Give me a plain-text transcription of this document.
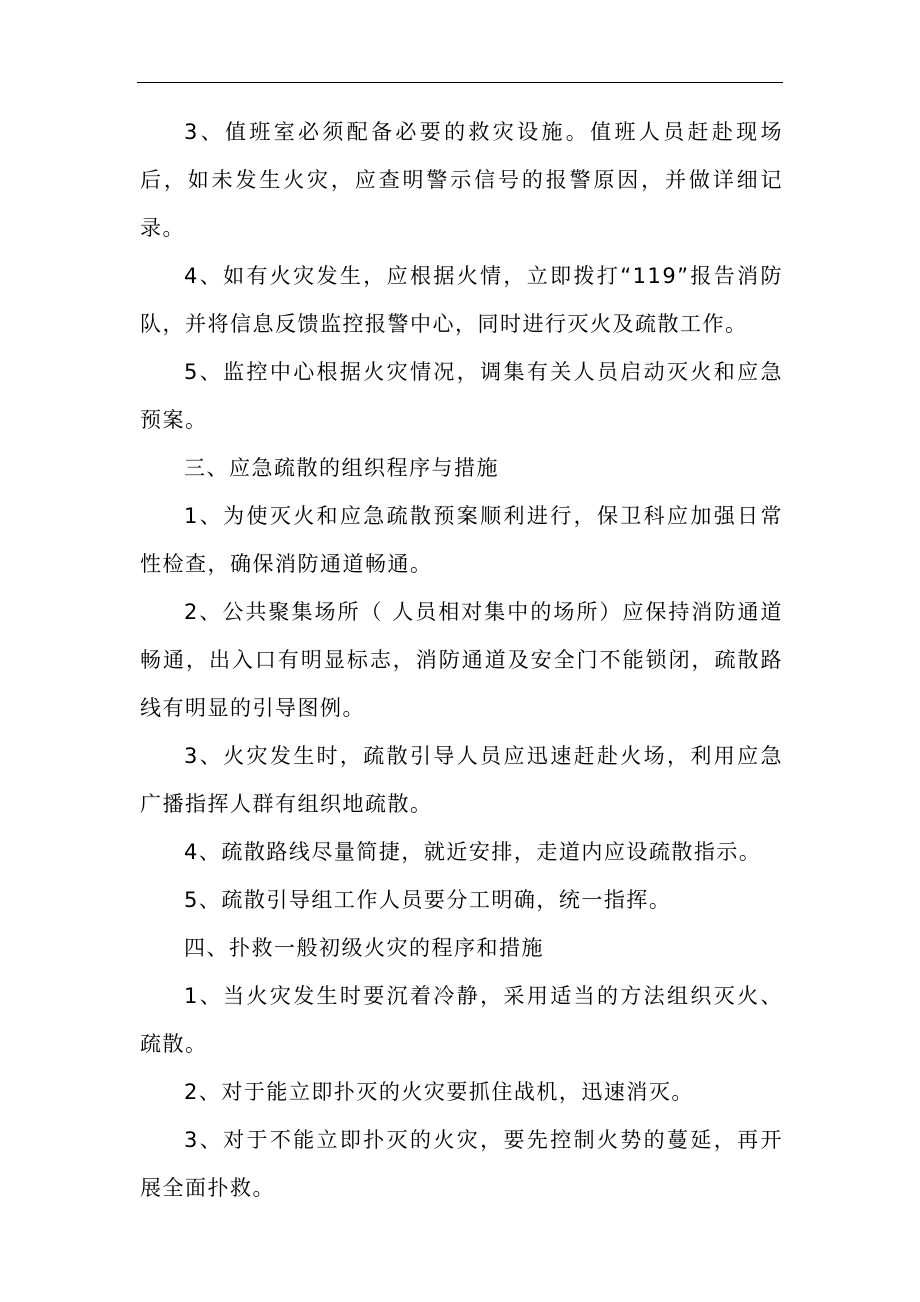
3、值班室必须配备必要的救灾设施。值班人员赶赴现场后，如未发生火灾，应查明警示信号的报警原因，并做详细记录。

4、如有火灾发生，应根据火情，立即拨打“119”报告消防队，并将信息反馈监控报警中心，同时进行灭火及疏散工作。

5、监控中心根据火灾情况，调集有关人员启动灭火和应急预案。

三、应急疏散的组织程序与措施

1、为使灭火和应急疏散预案顺利进行，保卫科应加强日常性检查，确保消防通道畅通。

2、公共聚集场所（ 人员相对集中的场所）应保持消防通道畅通，出入口有明显标志，消防通道及安全门不能锁闭，疏散路线有明显的引导图例。

3、火灾发生时，疏散引导人员应迅速赶赴火场，利用应急广播指挥人群有组织地疏散。

4、疏散路线尽量简捷，就近安排，走道内应设疏散指示。

5、疏散引导组工作人员要分工明确，统一指挥。

四、扑救一般初级火灾的程序和措施

1、当火灾发生时要沉着冷静，采用适当的方法组织灭火、疏散。

2、对于能立即扑灭的火灾要抓住战机，迅速消灭。

3、对于不能立即扑灭的火灾，要先控制火势的蔓延，再开展全面扑救。
